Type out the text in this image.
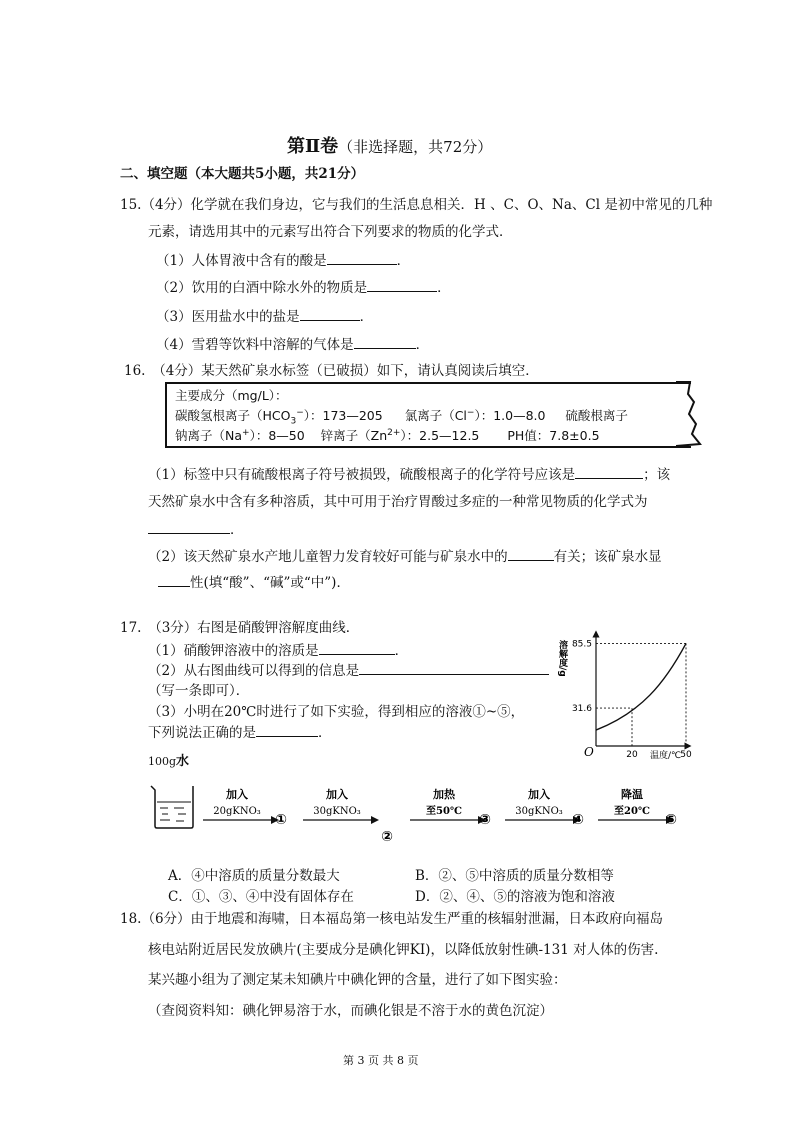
第Ⅱ卷（非选择题，共72分）
二、填空题（本大题共5小题，共21分）
15.（4分）化学就在我们身边，它与我们的生活息息相关．H 、C、O、Na、Cl 是初中常见的几种
元素，请选用其中的元素写出符合下列要求的物质的化学式．
（1）人体胃液中含有的酸是	．
（2）饮用的白酒中除水外的物质是	．
（3）医用盐水中的盐是	．
（4）雪碧等饮料中溶解的气体是	．
16.　（4分）某天然矿泉水标签（已破损）如下，请认真阅读后填空．
主要成分（mg/L）：
碳酸氢根离子$(HCO_3^-)$：173—205 氯离子（Cl−）：1.0—8.0 硫酸根离子
钠离子（Na+）：8—50 锌离子$(Zn^{2+})$：2.5—12.5 PH值：7.8±0.5
（1）标签中只有硫酸根离子符号被损毁，硫酸根离子的化学符号应该是	；该
天然矿泉水中含有多种溶质，其中可用于治疗胃酸过多症的一种常见物质的化学式为
．
（2）该天然矿泉水产地儿童智力发育较好可能与矿泉水中的	有关；该矿泉水显
性(填“酸”、“碱”或“中”)．
17.　（3分）右图是硝酸钾溶解度曲线．
（1）硝酸钾溶液中的溶质是	．
（2）从右图曲线可以得到的信息是
（写一条即可）．
（3）小明在20℃时进行了如下实验，得到相应的溶液①~⑤，
下列说法正确的是	．
溶解度/g
温度/℃
O
31.6
20
85.5
50
100g水
加入
20gKNO₃
①
加入
30gKNO₃
②
加热
至50℃
③
加入
30gKNO₃
④
降温
至20℃
⑤
A．④中溶质的质量分数最大	B．②、⑤中溶质的质量分数相等
C．①、③、④中没有固体存在	D．②、④、⑤的溶液为饱和溶液
18.（6分）由于地震和海啸，日本福岛第一核电站发生严重的核辐射泄漏，日本政府向福岛
核电站附近居民发放碘片(主要成分是碘化钾KI)，以降低放射性碘-131 对人体的伤害.
某兴趣小组为了测定某未知碘片中碘化钾的含量，进行了如下图实验：
（查阅资料知：碘化钾易溶于水，而碘化银是不溶于水的黄色沉淀）
第 3 页 共 8 页
